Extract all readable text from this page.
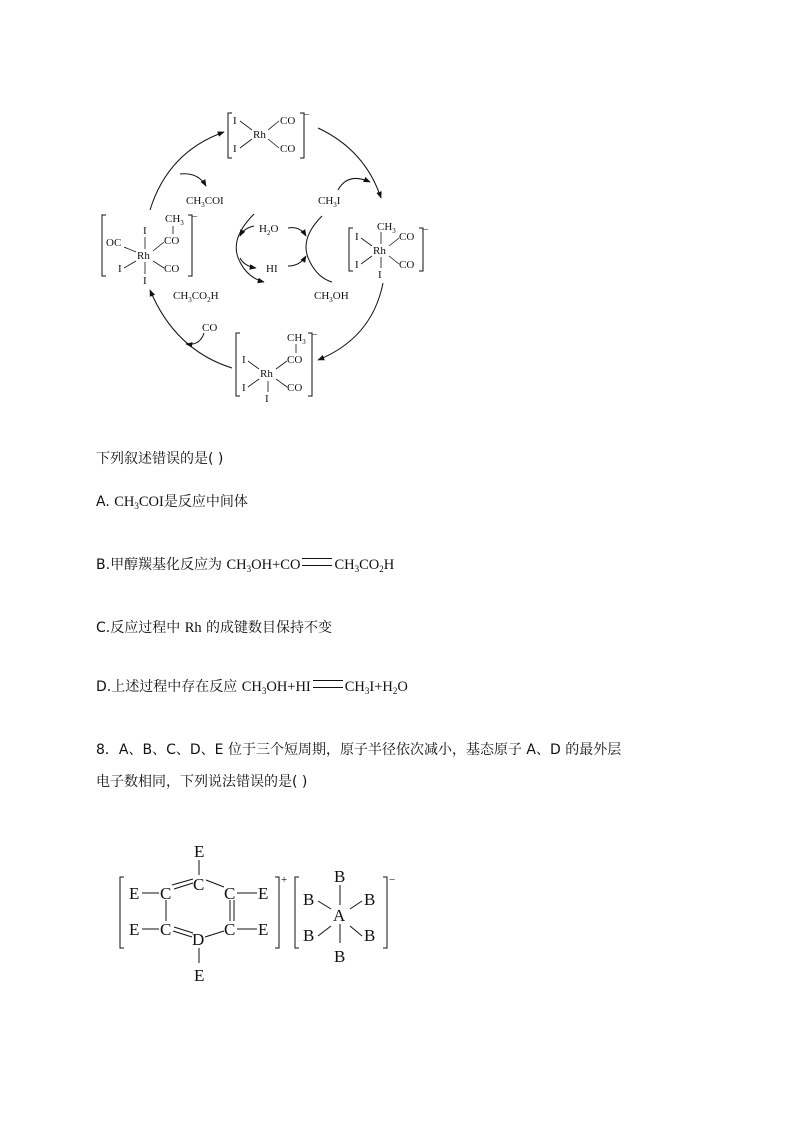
I
I
Rh
CO
CO
−
$CH_3$
I
I
Rh
CO
CO
I
−
$CH_3$
CO
I
I
Rh
CO
I
−
$CH_3$
I
CO
OC
Rh
I	CO
I
−
$CH_3COI$	$CH_3I$
$H_2O$
HI
$CH_3CO_2H$	$CH_3OH$
CO
下列叙述错误的是( )
A. $CH_3COI$是反应中间体
B.甲醇羰基化反应为 $CH_3OH+CO$ $CH_3CO_2H$
C.反应过程中 Rh 的成键数目保持不变
D.上述过程中存在反应 $CH_3OH+HI$ $CH_3I+H_2O$
8．A、B、C、D、E 位于三个短周期，原子半径依次减小，基态原子 A、D 的最外层
电子数相同，下列说法错误的是( )
+
E
C
E C	C E
E C
D
C E
E
−
B
B	B
A
B	B
B
